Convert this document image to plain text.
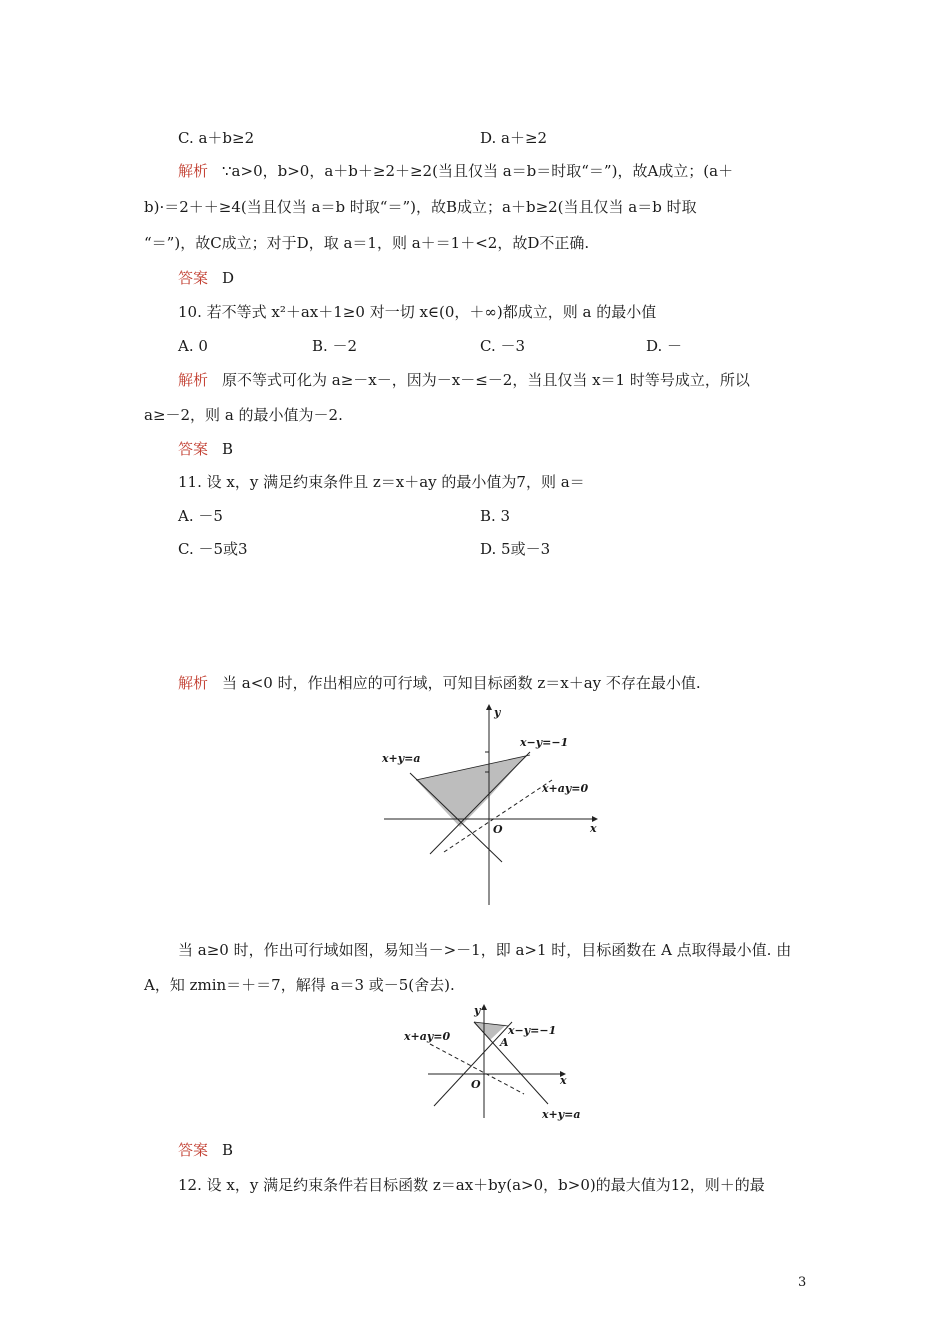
C. a＋b≥2	D. a＋≥2
解析 ∵a>0，b>0，a＋b＋≥2＋≥2(当且仅当 a＝b＝时取“＝”)，故A成立；(a＋
b)·＝2＋＋≥4(当且仅当 a＝b 时取“＝”)，故B成立；a＋b≥2(当且仅当 a＝b 时取
“＝”)，故C成立；对于D，取 a＝1，则 a＋＝1＋<2，故D不正确.
答案 D
10. 若不等式 x²＋ax＋1≥0 对一切 x∈(0，＋∞)都成立，则 a 的最小值
A. 0	B. －2	C. －3	D. －
解析 原不等式可化为 a≥－x－，因为－x－≤－2，当且仅当 x＝1 时等号成立，所以
a≥－2，则 a 的最小值为－2.
答案 B
11. 设 x，y 满足约束条件且 z＝x＋ay 的最小值为7，则 a＝
A. －5	B. 3
C. －5或3	D. 5或－3
解析 当 a<0 时，作出相应的可行域，可知目标函数 z＝x＋ay 不存在最小值.
x+y=a
x−y=−1
x+ay=0
O	x
y
当 a≥0 时，作出可行域如图，易知当－>－1，即 a>1 时，目标函数在 A 点取得最小值. 由
A，知 zmin＝＋＝7，解得 a＝3 或－5(舍去).
x+ay=0	x−y=−1
x+y=a
A
O	x
y
答案 B
12. 设 x，y 满足约束条件若目标函数 z＝ax＋by(a>0，b>0)的最大值为12，则＋的最
3
